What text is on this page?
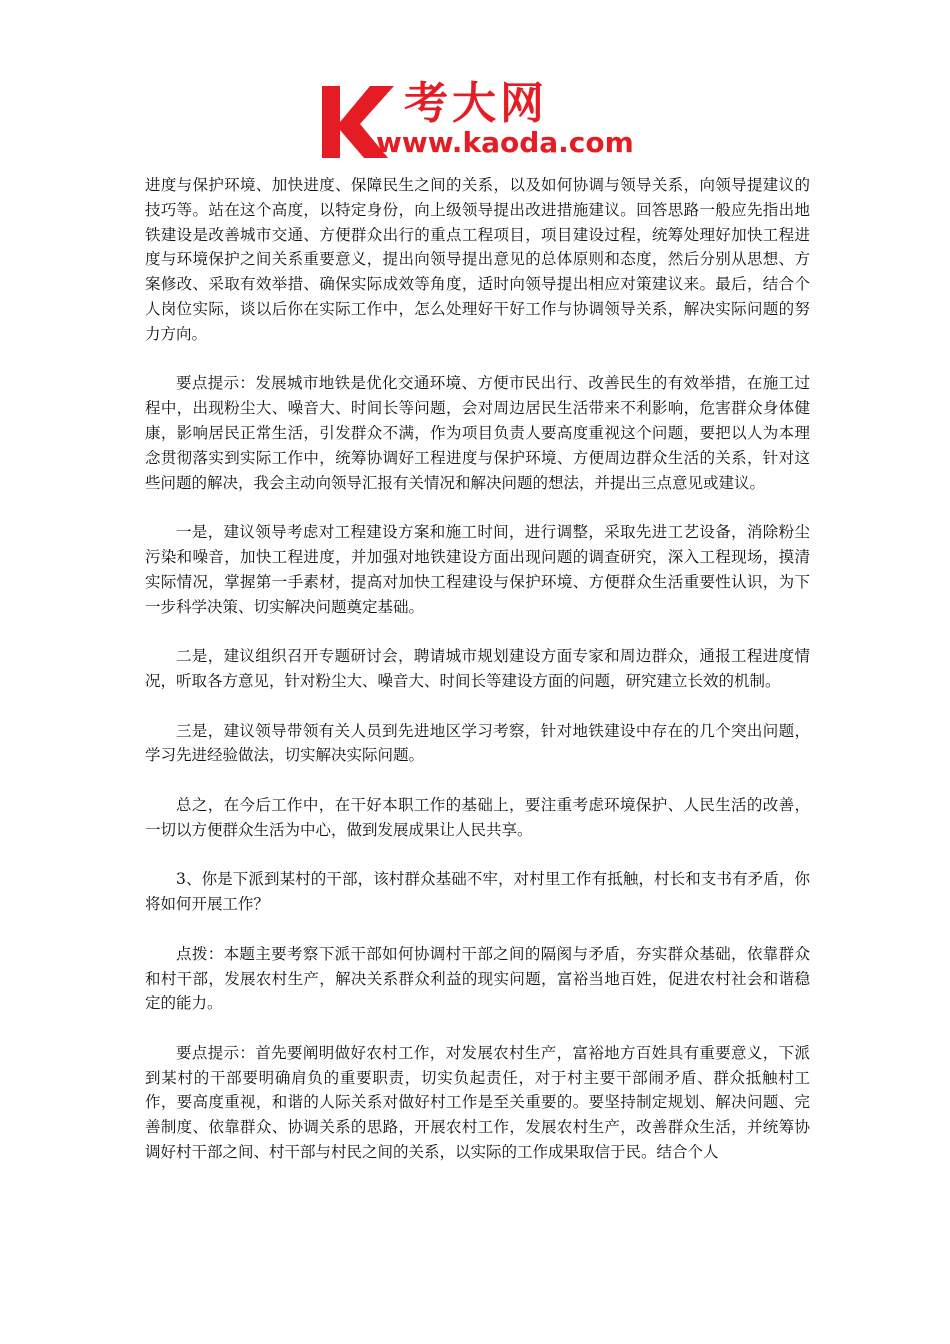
考大网
www.kaoda.com

进度与保护环境、加快进度、保障民生之间的关系，以及如何协调与领导关系，向领导提建议的技巧等。站在这个高度，以特定身份，向上级领导提出改进措施建议。回答思路一般应先指出地铁建设是改善城市交通、方便群众出行的重点工程项目，项目建设过程，统筹处理好加快工程进度与环境保护之间关系重要意义，提出向领导提出意见的总体原则和态度，然后分别从思想、方案修改、采取有效举措、确保实际成效等角度，适时向领导提出相应对策建议来。最后，结合个人岗位实际，谈以后你在实际工作中，怎么处理好干好工作与协调领导关系，解决实际问题的努力方向。

要点提示：发展城市地铁是优化交通环境、方便市民出行、改善民生的有效举措，在施工过程中，出现粉尘大、噪音大、时间长等问题，会对周边居民生活带来不利影响，危害群众身体健康，影响居民正常生活，引发群众不满，作为项目负责人要高度重视这个问题，要把以人为本理念贯彻落实到实际工作中，统筹协调好工程进度与保护环境、方便周边群众生活的关系，针对这些问题的解决，我会主动向领导汇报有关情况和解决问题的想法，并提出三点意见或建议。

一是，建议领导考虑对工程建设方案和施工时间，进行调整，采取先进工艺设备，消除粉尘污染和噪音，加快工程进度，并加强对地铁建设方面出现问题的调查研究，深入工程现场，摸清实际情况，掌握第一手素材，提高对加快工程建设与保护环境、方便群众生活重要性认识，为下一步科学决策、切实解决问题奠定基础。

二是，建议组织召开专题研讨会，聘请城市规划建设方面专家和周边群众，通报工程进度情况，听取各方意见，针对粉尘大、噪音大、时间长等建设方面的问题，研究建立长效的机制。

三是，建议领导带领有关人员到先进地区学习考察，针对地铁建设中存在的几个突出问题，学习先进经验做法，切实解决实际问题。

总之，在今后工作中，在干好本职工作的基础上，要注重考虑环境保护、人民生活的改善，一切以方便群众生活为中心，做到发展成果让人民共享。

3、你是下派到某村的干部，该村群众基础不牢，对村里工作有抵触，村长和支书有矛盾，你将如何开展工作？

点拨：本题主要考察下派干部如何协调村干部之间的隔阂与矛盾，夯实群众基础，依靠群众和村干部，发展农村生产，解决关系群众利益的现实问题，富裕当地百姓，促进农村社会和谐稳定的能力。

要点提示：首先要阐明做好农村工作，对发展农村生产，富裕地方百姓具有重要意义，下派到某村的干部要明确肩负的重要职责，切实负起责任，对于村主要干部闹矛盾、群众抵触村工作，要高度重视，和谐的人际关系对做好村工作是至关重要的。要坚持制定规划、解决问题、完善制度、依靠群众、协调关系的思路，开展农村工作，发展农村生产，改善群众生活，并统筹协调好村干部之间、村干部与村民之间的关系，以实际的工作成果取信于民。结合个人
